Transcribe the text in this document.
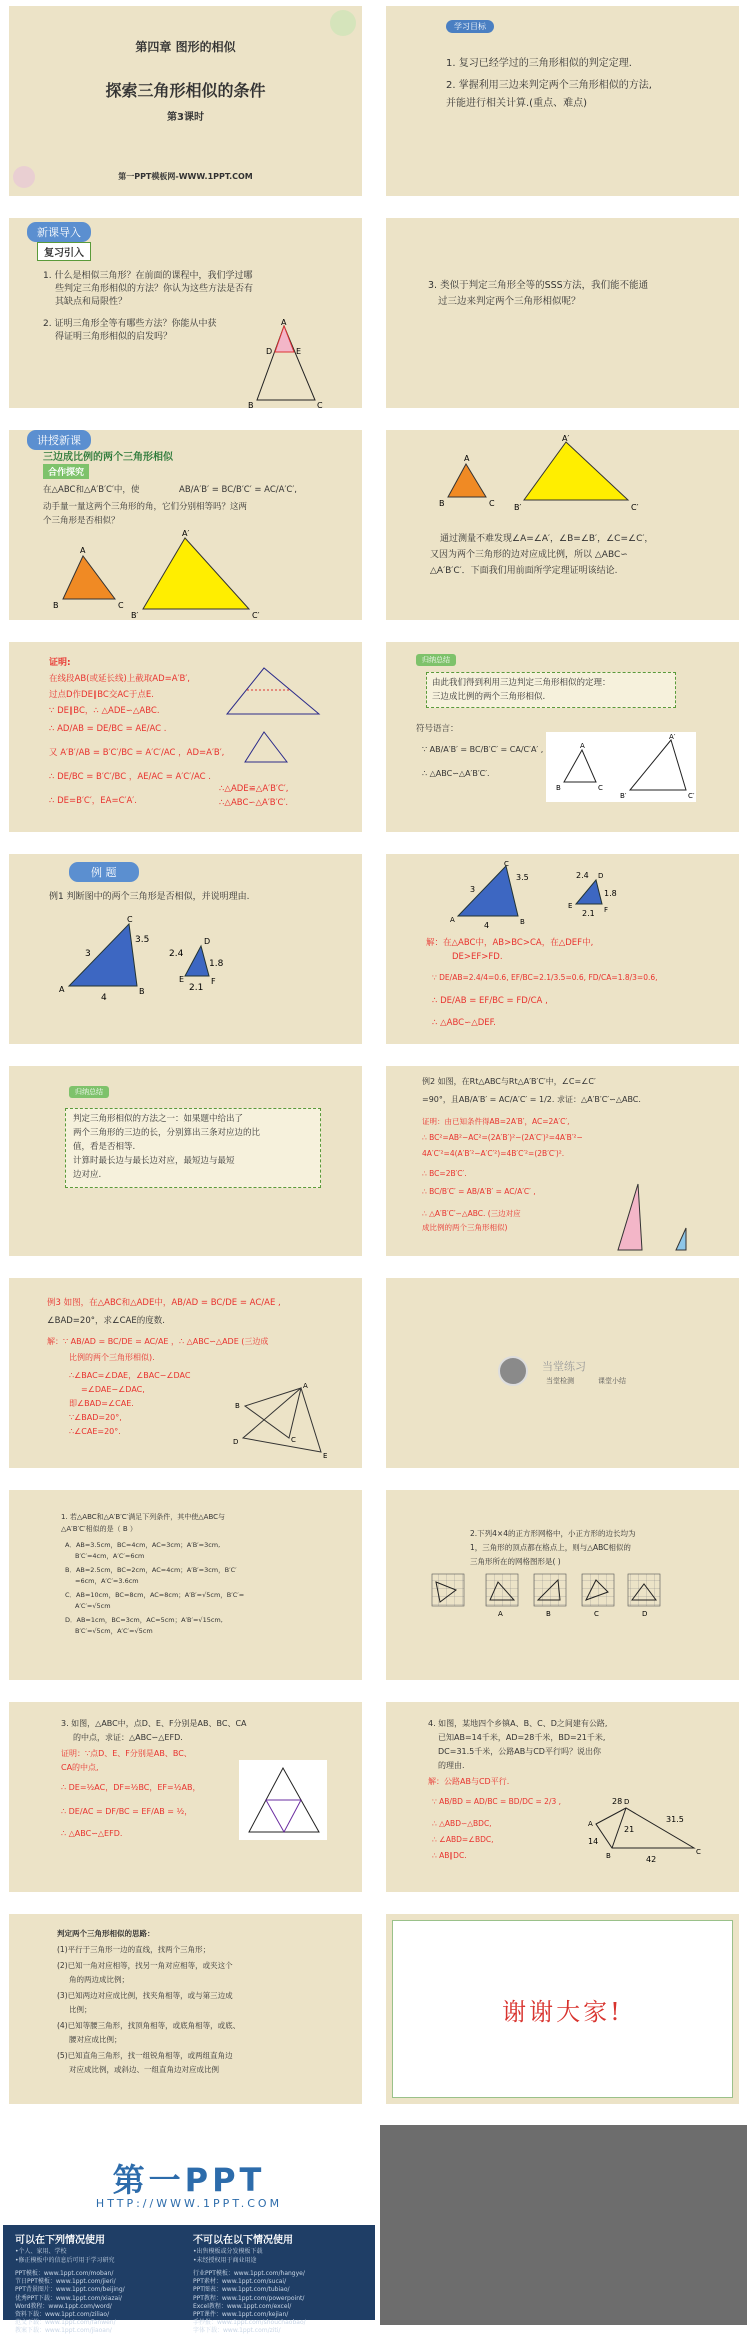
第四章 图形的相似
探索三角形相似的条件
第3课时
第一PPT模板网-WWW.1PPT.COM
学习目标
1. 复习已经学过的三角形相似的判定定理.
2. 掌握利用三边来判定两个三角形相似的方法,
并能进行相关计算.(重点、难点)
新课导入
复习引入
1. 什么是相似三角形？在前面的课程中，我们学过哪
些判定三角形相似的方法？你认为这些方法是否有
其缺点和局限性？
2. 证明三角形全等有哪些方法？你能从中获
得证明三角形相似的启发吗？
A
D	E
B	C
3. 类似于判定三角形全等的SSS方法，我们能不能通
过三边来判定两个三角形相似呢？
讲授新课
三边成比例的两个三角形相似
合作探究
在△ABC和△A′B′C′中，使	AB/A′B′ = BC/B′C′ = AC/A′C′,
动手量一量这两个三角形的角，它们分别相等吗？这两
个三角形是否相似？
A
B	C
A′
B′	C′
A
B	C
A′
B′	C′
通过测量不难发现∠A=∠A′，∠B=∠B′，∠C=∠C′，
又因为两个三角形的边对应成比例，所以 △ABC∽
△A′B′C′．下面我们用前面所学定理证明该结论.
证明:
在线段AB(或延长线)上截取AD=A′B′,
过点D作DE∥BC交AC于点E.
∵ DE∥BC，∴ △ADE∽△ABC.
∴ AD/AB = DE/BC = AE/AC .
又 A′B′/AB = B′C′/BC = A′C′/AC ，AD=A′B′,
∴ DE/BC = B′C′/BC ，AE/AC = A′C′/AC .
∴ DE=B′C′，EA=C′A′.
∴△ADE≌△A′B′C′,
∴△ABC∽△A′B′C′.
归纳总结
由此我们得到利用三边判定三角形相似的定理：
三边成比例的两个三角形相似.
符号语言：
∵ AB/A′B′ = BC/B′C′ = CA/C′A′ ,
∴ △ABC∽△A′B′C′.
A
B	C
A′
B′	C′
例 题
例1 判断图中的两个三角形是否相似，并说明理由.
3.5
3
4
2.4
1.8
2.1
C
A	B
E
D
F
3.5
3
4
2.4
1.8
2.1
C
A	B
E
D
F
解：在△ABC中，AB>BC>CA，在△DEF中,
DE>EF>FD.
∵ DE/AB=2.4/4=0.6, EF/BC=2.1/3.5=0.6, FD/CA=1.8/3=0.6,
∴ DE/AB = EF/BC = FD/CA ,
∴ △ABC∽△DEF.
归纳总结
判定三角形相似的方法之一：如果题中给出了
两个三角形的三边的长，分别算出三条对应边的比
值，看是否相等.
计算时最长边与最长边对应，最短边与最短
边对应.
例2 如图，在Rt△ABC与Rt△A′B′C′中，∠C=∠C′
=90°，且AB/A′B′ = AC/A′C′ = 1/2. 求证：△A′B′C′∽△ABC.
证明：由已知条件得AB=2A′B′，AC=2A′C′,
∴ BC²=AB²−AC²=(2A′B′)²−(2A′C′)²=4A′B′²−
4A′C′²=4(A′B′²−A′C′²)=4B′C′²=(2B′C′)².
∴ BC=2B′C′.
∴ BC/B′C′ = AB/A′B′ = AC/A′C′ ,
∴ △A′B′C′∽△ABC. (三边对应
成比例的两个三角形相似)
例3 如图，在△ABC和△ADE中，AB/AD = BC/DE = AC/AE ,
∠BAD=20°，求∠CAE的度数.
解：∵ AB/AD = BC/DE = AC/AE ，∴ △ABC∽△ADE (三边成
比例的两个三角形相似).
∴∠BAC=∠DAE，∠BAC−∠DAC
=∠DAE−∠DAC,
即∠BAD=∠CAE.
∵∠BAD=20°,
∴∠CAE=20°.
A
B
C
D
E
当堂练习
当堂检测	课堂小结
1. 若△ABC和△A′B′C′满足下列条件，其中使△ABC与
△A′B′C′相似的是（ B ）
A．AB=3.5cm，BC=4cm，AC=3cm；A′B′=3cm,
B′C′=4cm，A′C′=6cm
B．AB=2.5cm，BC=2cm，AC=4cm；A′B′=3cm，B′C′
=6cm，A′C′=3.6cm
C．AB=10cm，BC=8cm，AC=8cm；A′B′=√5cm，B′C′=
A′C′=√5cm
D．AB=1cm，BC=3cm，AC=5cm；A′B′=√15cm,
B′C′=√5cm，A′C′=√5cm
2.下列4×4的正方形网格中，小正方形的边长均为
1，三角形的顶点都在格点上，则与△ABC相似的
三角形所在的网格图形是( )
A	B	C	D
3. 如图，△ABC中，点D、E、F分别是AB、BC、CA
的中点，求证：△ABC∽△EFD.
证明：∵点D、E、F分别是AB、BC、
CA的中点,
∴ DE=½AC，DF=½BC，EF=½AB，
∴ DE/AC = DF/BC = EF/AB = ½，
∴ △ABC∽△EFD.
4. 如图，某地四个乡镇A、B、C、D之间建有公路,
已知AB=14千米，AD=28千米，BD=21千米,
DC=31.5千米，公路AB与CD平行吗？说出你
的理由.
解：公路AB与CD平行.
∵ AB/BD = AD/BC = BD/DC = 2/3 ,
∴ △ABD∽△BDC,
∴ ∠ABD=∠BDC,
∴ AB∥DC.
28
21
31.5
14
42
A
B	C
D
判定两个三角形相似的思路：
(1)平行于三角形一边的直线，找两个三角形；
(2)已知一角对应相等，找另一角对应相等，或夹这个
角的两边成比例；
(3)已知两边对应成比例，找夹角相等，或与第三边成
比例；
(4)已知等腰三角形，找顶角相等，或底角相等，或底、
腰对应成比例；
(5)已知直角三角形，找一组锐角相等，或两组直角边
对应成比例，或斜边、一组直角边对应成比例
谢谢大家!
第一PPT
HTTP://WWW.1PPT.COM
可以在下列情况使用	不可以在以下情况使用
•个人、家用、学校
•修正模板中的信息后可用于学习研究
•出售模板或分发模板下载
•未经授权用于商业用途
PPT模板：www.1ppt.com/moban/
节日PPT模板：www.1ppt.com/jieri/
PPT背景图片：www.1ppt.com/beijing/
优秀PPT下载：www.1ppt.com/xiazai/
Word教程：www.1ppt.com/word/
资料下载：www.1ppt.com/ziliao/
范文下载：www.1ppt.com/fanwen/
教案下载：www.1ppt.com/jiaoan/
行业PPT模板：www.1ppt.com/hangye/
PPT素材：www.1ppt.com/sucai/
PPT图表：www.1ppt.com/tubiao/
PPT教程：www.1ppt.com/powerpoint/
Excel教程：www.1ppt.com/excel/
PPT课件：www.1ppt.com/kejian/
手抄报：www.1ppt.com/shouchaobao/
字体下载：www.1ppt.com/ziti/
